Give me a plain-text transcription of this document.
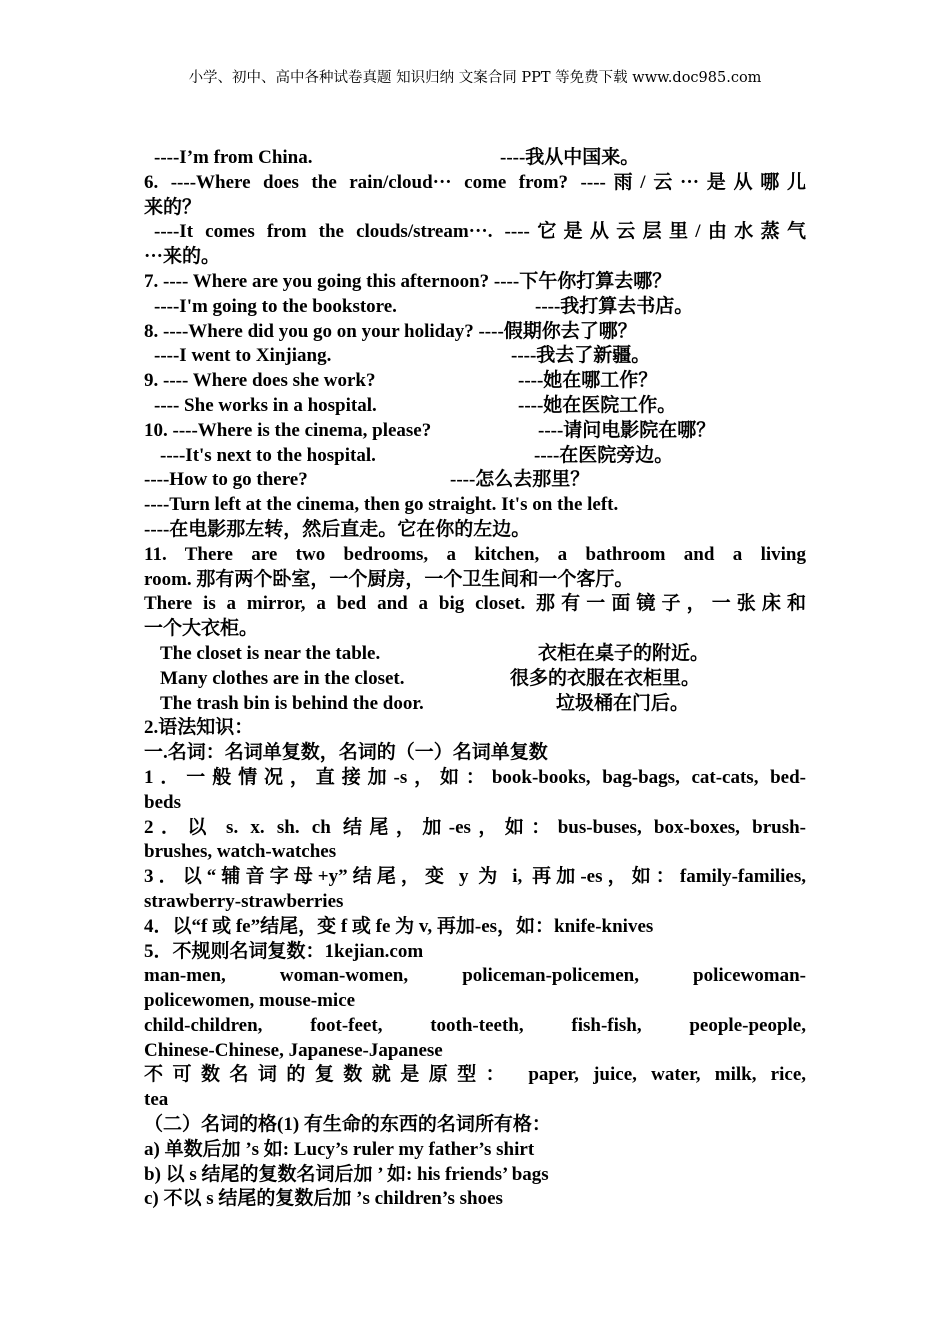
小学、初中、高中各种试卷真题 知识归纳 文案合同 PPT 等免费下载 www.doc985.com
----I’m from China.	----我从中国来。
6. ----Where does the rain/cloud··· come from? ----雨/云···是从哪儿
来的？
----It comes from the clouds/stream···. ----它是从云层里/由水蒸气
···来的。
7. ---- Where are you going this afternoon? ----下午你打算去哪？
----I'm going to the bookstore.	----我打算去书店。
8. ----Where did you go on your holiday? ----假期你去了哪？
----I went to Xinjiang.	----我去了新疆。
9. ---- Where does she work?	----她在哪工作？
---- She works in a hospital.	----她在医院工作。
10. ----Where is the cinema, please?	----请问电影院在哪？
----It's next to the hospital.	----在医院旁边。
----How to go there?	----怎么去那里？
----Turn left at the cinema, then go straight. It's on the left.
----在电影那左转，然后直走。它在你的左边。
11. There are two bedrooms, a kitchen, a bathroom and a living
room. 那有两个卧室，一个厨房，一个卫生间和一个客厅。
There is a mirror, a bed and a big closet. 那有一面镜子，一张床和
一个大衣柜。
The closet is near the table.	衣柜在桌子的附近。
Many clothes are in the closet.	很多的衣服在衣柜里。
The trash bin is behind the door.	垃圾桶在门后。
2.语法知识：
一.名词：名词单复数，名词的（一）名词单复数
1．一般情况，直接加-s，如：book-books, bag-bags, cat-cats, bed-
beds
2．以 s. x. sh. ch 结尾，加-es，如：bus-buses, box-boxes, brush-
brushes, watch-watches
3．以“辅音字母+y”结尾，变 y 为 i, 再加-es，如：family-families,
strawberry-strawberries
4．以“f 或 fe”结尾，变 f 或 fe 为 v, 再加-es，如：knife-knives
5．不规则名词复数：1kejian.com
man-men, woman-women, policeman-policemen, policewoman-
policewomen, mouse-mice
child-children, foot-feet, tooth-teeth, fish-fish, people-people,
Chinese-Chinese, Japanese-Japanese
不可数名词的复数就是原型： paper, juice, water, milk, rice,
tea
（二）名词的格(1) 有生命的东西的名词所有格：
a) 单数后加 ’s 如: Lucy’s ruler my father’s shirt
b) 以 s 结尾的复数名词后加 ’ 如: his friends’ bags
c) 不以 s 结尾的复数后加 ’s children’s shoes
